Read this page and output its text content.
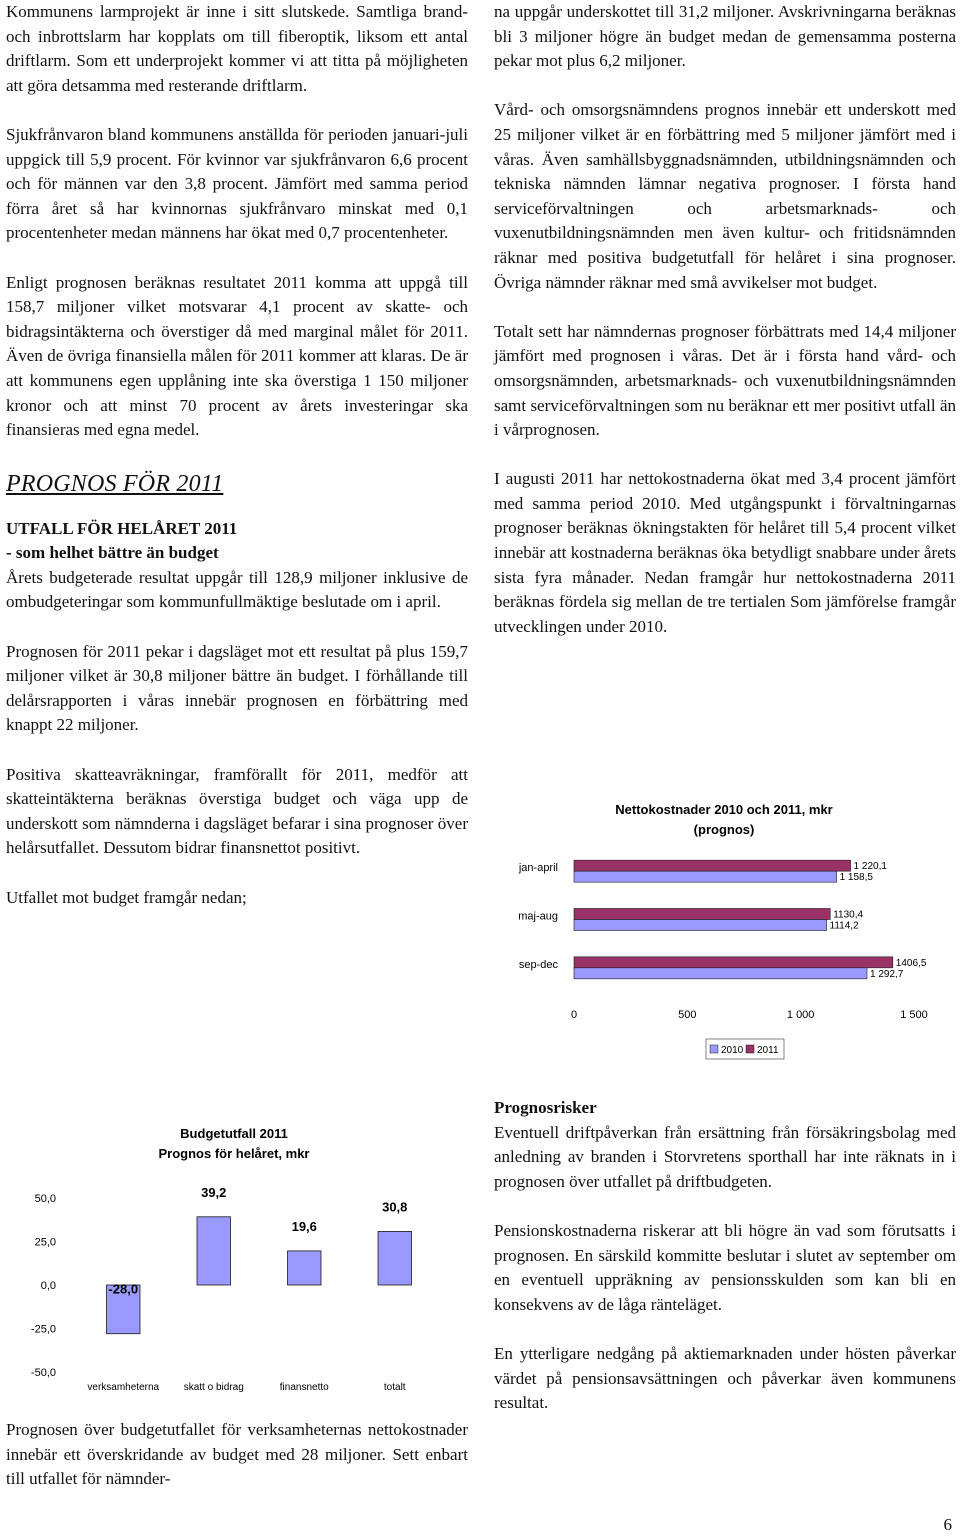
Kommunens larmprojekt är inne i sitt slutskede. Samtliga brand- och inbrottslarm har kopplats om till fiberoptik, liksom ett antal driftlarm. Som ett underprojekt kommer vi att titta på möjligheten att göra detsamma med resterande driftlarm.

Sjukfrånvaron bland kommunens anställda för perioden januari-juli uppgick till 5,9 procent. För kvinnor var sjukfrånvaron 6,6 procent och för männen var den 3,8 procent. Jämfört med samma period förra året så har kvinnornas sjukfrånvaro minskat med 0,1 procentenheter medan männens har ökat med 0,7 procentenheter.

Enligt prognosen beräknas resultatet 2011 komma att uppgå till 158,7 miljoner vilket motsvarar 4,1 procent av skatte- och bidragsintäkterna och överstiger då med marginal målet för 2011. Även de övriga finansiella målen för 2011 kommer att klaras. De är att kommunens egen upplåning inte ska överstiga 1 150 miljoner kronor och att minst 70 procent av årets investeringar ska finansieras med egna medel.

PROGNOS FÖR 2011
UTFALL FÖR HELÅRET 2011
- som helhet bättre än budget

Årets budgeterade resultat uppgår till 128,9 miljoner inklusive de ombudgeteringar som kommunfullmäktige beslutade om i april.

Prognosen för 2011 pekar i dagsläget mot ett resultat på plus 159,7 miljoner vilket är 30,8 miljoner bättre än budget. I förhållande till delårsrapporten i våras innebär prognosen en förbättring med knappt 22 miljoner.

Positiva skatteavräkningar, framförallt för 2011, medför att skatteintäkterna beräknas överstiga budget och väga upp de underskott som nämnderna i dagsläget befarar i sina prognoser över helårsutfallet. Dessutom bidrar finansnettot positivt.

Utfallet mot budget framgår nedan;

Prognosen över budgetutfallet för verksamheternas nettokostnader innebär ett överskridande av budget med 28 miljoner. Sett enbart till utfallet för nämnder-

na uppgår underskottet till 31,2 miljoner. Avskrivningarna beräknas bli 3 miljoner högre än budget medan de gemensamma posterna pekar mot plus 6,2 miljoner.

Vård- och omsorgsnämndens prognos innebär ett underskott med 25 miljoner vilket är en förbättring med 5 miljoner jämfört med i våras. Även samhällsbyggnadsnämnden, utbildningsnämnden och tekniska nämnden lämnar negativa prognoser. I första hand serviceförvaltningen och arbetsmarknads- och vuxenutbildningsnämnden men även kultur- och fritidsnämnden räknar med positiva budgetutfall för helåret i sina prognoser. Övriga nämnder räknar med små avvikelser mot budget.

Totalt sett har nämndernas prognoser förbättrats med 14,4 miljoner jämfört med prognosen i våras. Det är i första hand vård- och omsorgsnämnden, arbetsmarknads- och vuxenutbildningsnämnden samt serviceförvaltningen som nu beräknar ett mer positivt utfall än i vårprognosen.

I augusti 2011 har nettokostnaderna ökat med 3,4 procent jämfört med samma period 2010. Med utgångspunkt i förvaltningarnas prognoser beräknas ökningstakten för helåret till 5,4 procent vilket innebär att kostnaderna beräknas öka betydligt snabbare under årets sista fyra månader. Nedan framgår hur nettokostnaderna 2011 beräknas fördela sig mellan de tre tertialen Som jämförelse framgår utvecklingen under 2010.

Prognosrisker

Eventuell driftpåverkan från ersättning från försäkringsbolag med anledning av branden i Storvretens sporthall har inte räknats in i prognosen över utfallet på driftbudgeten.

Pensionskostnaderna riskerar att bli högre än vad som förutsatts i prognosen. En särskild kommitte beslutar i slutet av september om en eventuell uppräkning av pensionsskulden som kan bli en konsekvens av de låga ränteläget.

En ytterligare nedgång på aktiemarknaden under hösten påverkar värdet på pensionsavsättningen och påverkar även kommunens resultat.

Budgetutfall 2011
Prognos för helåret, mkr
50,0
25,0
0,0
-25,0
-50,0
-28,0
verksamheterna
39,2
skatt o bidrag
19,6
finansnetto
30,8
totalt
Nettokostnader 2010 och 2011, mkr
(prognos)
jan-april	1 220,1
1 158,5
maj-aug	1130,4
1114,2
sep-dec	1406,5
1 292,7
0	500	1 000	1 500
2010 2011
6
